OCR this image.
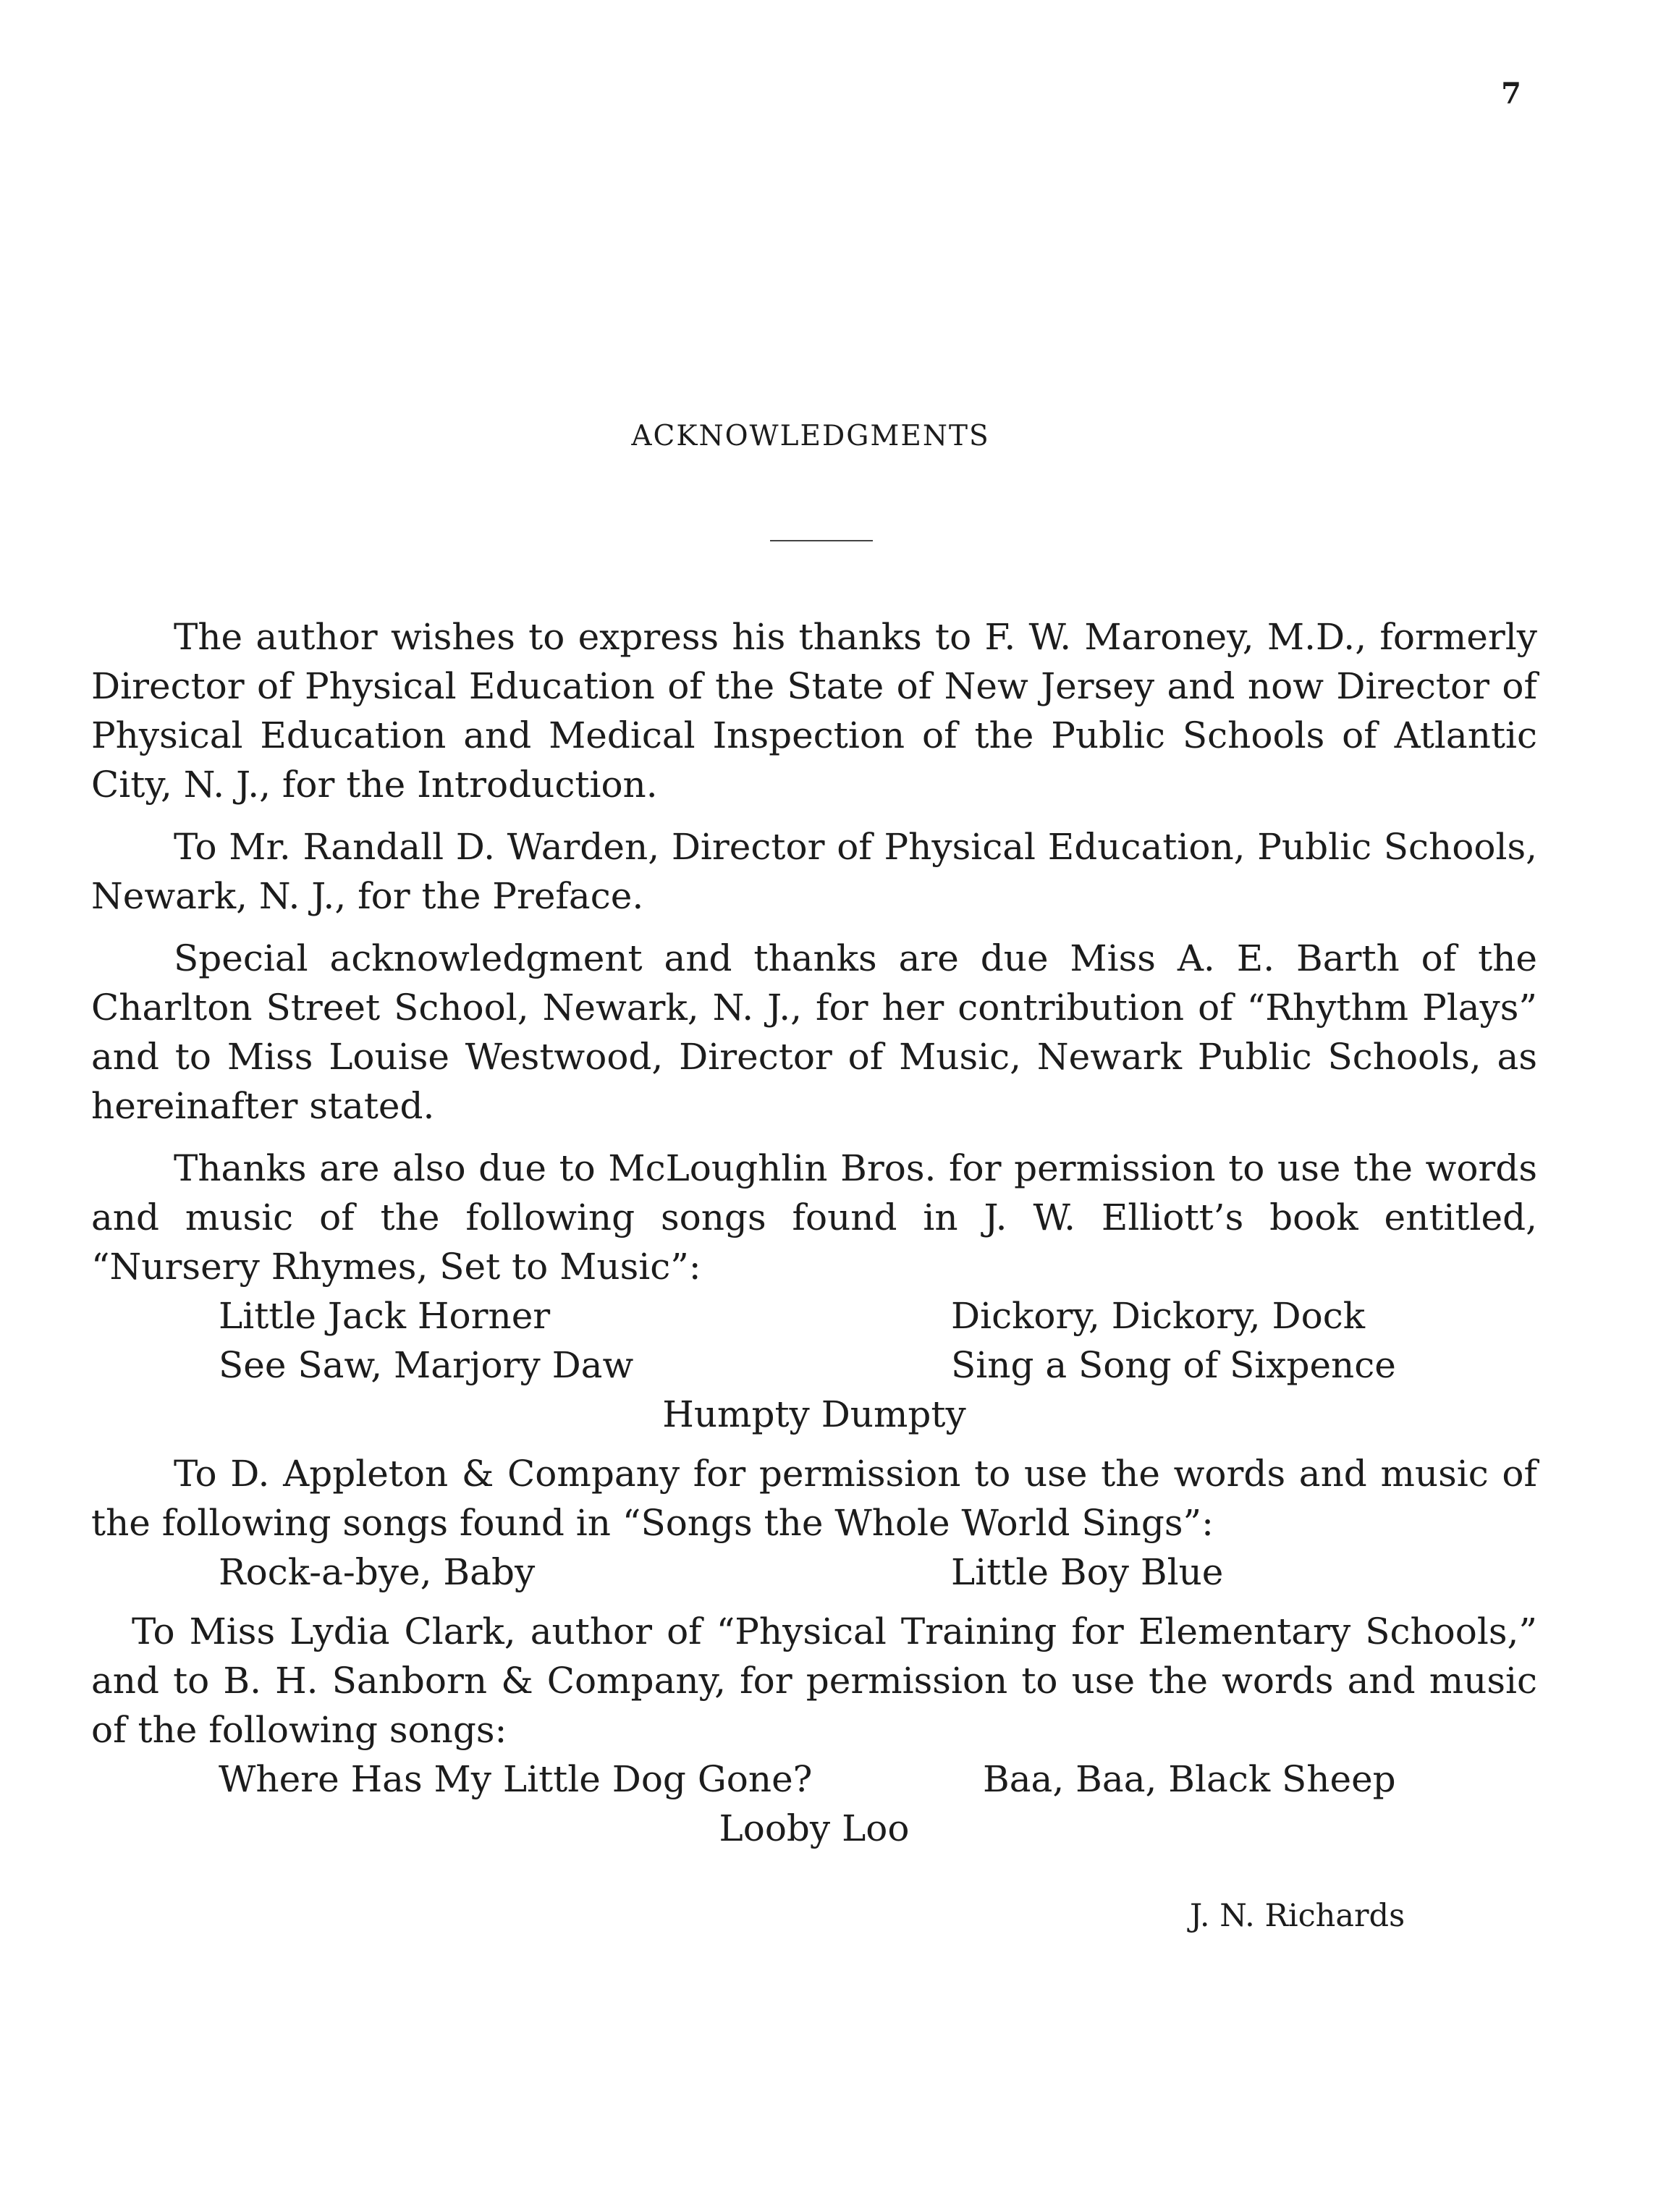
7
ACKNOWLEDGMENTS

The author wishes to express his thanks to F. W. Maroney, M.D., formerly Director of Physical Education of the State of New Jersey and now Director of Physical Education and Medical Inspection of the Public Schools of Atlantic City, N. J., for the Introduction.

To Mr. Randall D. Warden, Director of Physical Education, Public Schools, Newark, N. J., for the Preface.

Special acknowledgment and thanks are due Miss A. E. Barth of the Charlton Street School, Newark, N. J., for her contribution of “Rhythm Plays” and to Miss Louise Westwood, Director of Music, Newark Public Schools, as hereinafter stated.

Thanks are also due to McLoughlin Bros. for permission to use the words and music of the following songs found in J. W. Elliott’s book entitled, “Nursery Rhymes, Set to Music”:

Little Jack Horner	Dickory, Dickory, Dock
See Saw, Marjory Daw	Sing a Song of Sixpence
Humpty Dumpty

To D. Appleton & Company for permission to use the words and music of the following songs found in “Songs the Whole World Sings”:

Rock-a-bye, Baby	Little Boy Blue

To Miss Lydia Clark, author of “Physical Training for Elementary Schools,” and to B. H. Sanborn & Company, for permission to use the words and music of the following songs:

Where Has My Little Dog Gone?	Baa, Baa, Black Sheep
Looby Loo
J. N. Richards
